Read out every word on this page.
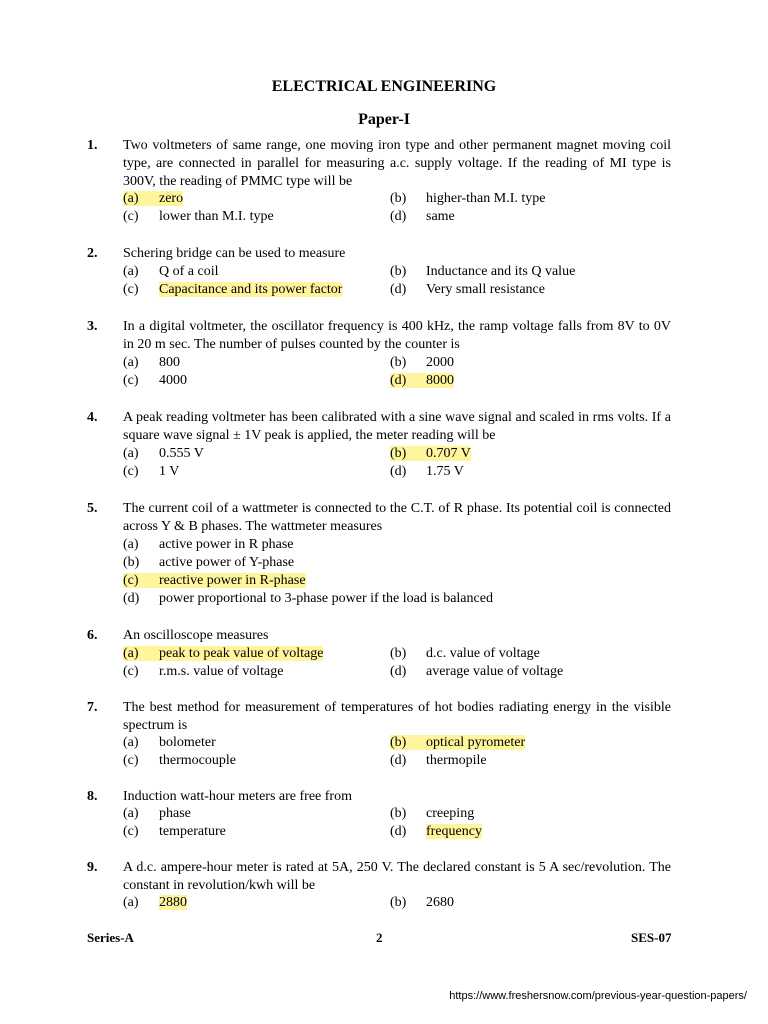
ELECTRICAL ENGINEERING
Paper-I
1. Two voltmeters of same range, one moving iron type and other permanent magnet moving coil type, are connected in parallel for measuring a.c. supply voltage. If the reading of MI type is 300V, the reading of PMMC type will be
(a) zero	(b) higher-than M.I. type
(c) lower than M.I. type	(d) same
2. Schering bridge can be used to measure
(a) Q of a coil	(b) Inductance and its Q value
(c) Capacitance and its power factor	(d) Very small resistance
3. In a digital voltmeter, the oscillator frequency is 400 kHz, the ramp voltage falls from 8V to 0V in 20 m sec. The number of pulses counted by the counter is
(a) 800	(b) 2000
(c) 4000	(d) 8000
4. A peak reading voltmeter has been calibrated with a sine wave signal and scaled in rms volts. If a square wave signal ± 1V peak is applied, the meter reading will be
(a) 0.555 V	(b) 0.707 V
(c) 1 V	(d) 1.75 V
5. The current coil of a wattmeter is connected to the C.T. of R phase. Its potential coil is connected across Y & B phases. The wattmeter measures
(a) active power in R phase
(b) active power of Y-phase
(c) reactive power in R-phase
(d) power proportional to 3-phase power if the load is balanced
6. An oscilloscope measures
(a) peak to peak value of voltage	(b) d.c. value of voltage
(c) r.m.s. value of voltage	(d) average value of voltage
7. The best method for measurement of temperatures of hot bodies radiating energy in the visible spectrum is
(a) bolometer	(b) optical pyrometer
(c) thermocouple	(d) thermopile
8. Induction watt-hour meters are free from
(a) phase	(b) creeping
(c) temperature	(d) frequency
9. A d.c. ampere-hour meter is rated at 5A, 250 V. The declared constant is 5 A sec/revolution. The constant in revolution/kwh will be
(a) 2880	(b) 2680
Series-A	2	SES-07
https://www.freshersnow.com/previous-year-question-papers/
